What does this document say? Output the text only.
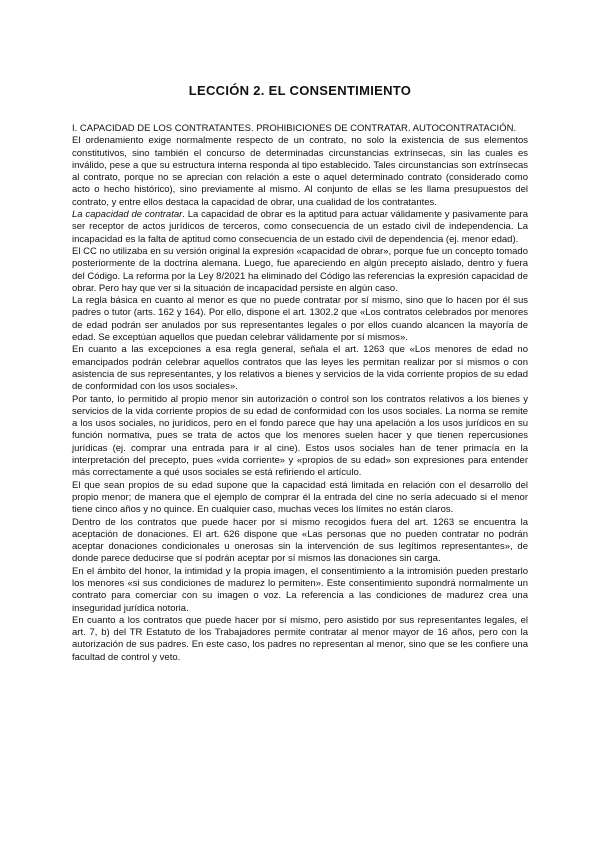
LECCIÓN 2. EL CONSENTIMIENTO

I. CAPACIDAD DE LOS CONTRATANTES. PROHIBICIONES DE CONTRATAR. AUTOCONTRATACIÓN.

El ordenamiento exige normalmente respecto de un contrato, no solo la existencia de sus elementos constitutivos, sino también el concurso de determinadas circunstancias extrínsecas, sin las cuales es inválido, pese a que su estructura interna responda al tipo establecido. Tales circunstancias son extrínsecas al contrato, porque no se aprecian con relación a este o aquel determinado contrato (considerado como acto o hecho histórico), sino previamente al mismo. Al conjunto de ellas se les llama presupuestos del contrato, y entre ellos destaca la capacidad de obrar, una cualidad de los contratantes.

La capacidad de contratar. La capacidad de obrar es la aptitud para actuar válidamente y pasivamente para ser receptor de actos jurídicos de terceros, como consecuencia de un estado civil de independencia. La incapacidad es la falta de aptitud como consecuencia de un estado civil de dependencia (ej. menor edad).

El CC no utilizaba en su versión original la expresión «capacidad de obrar», porque fue un concepto tomado posteriormente de la doctrina alemana. Luego, fue apareciendo en algún precepto aislado, dentro y fuera del Código. La reforma por la Ley 8/2021 ha eliminado del Código las referencias la expresión capacidad de obrar. Pero hay que ver si la situación de incapacidad persiste en algún caso.

La regla básica en cuanto al menor es que no puede contratar por sí mismo, sino que lo hacen por él sus padres o tutor (arts. 162 y 164). Por ello, dispone el art. 1302.2 que «Los contratos celebrados por menores de edad podrán ser anulados por sus representantes legales o por ellos cuando alcancen la mayoría de edad. Se exceptúan aquellos que puedan celebrar válidamente por sí mismos».

En cuanto a las excepciones a esa regla general, señala el art. 1263 que «Los menores de edad no emancipados podrán celebrar aquellos contratos que las leyes les permitan realizar por sí mismos o con asistencia de sus representantes, y los relativos a bienes y servicios de la vida corriente propios de su edad de conformidad con los usos sociales».

Por tanto, lo permitido al propio menor sin autorización o control son los contratos relativos a los bienes y servicios de la vida corriente propios de su edad de conformidad con los usos sociales. La norma se remite a los usos sociales, no jurídicos, pero en el fondo parece que hay una apelación a los usos jurídicos en su función normativa, pues se trata de actos que los menores suelen hacer y que tienen repercusiones jurídicas (ej. comprar una entrada para ir al cine). Estos usos sociales han de tener primacía en la interpretación del precepto, pues «vida corriente» y «propios de su edad» son expresiones para entender más correctamente a qué usos sociales se está refiriendo el artículo.

El que sean propios de su edad supone que la capacidad está limitada en relación con el desarrollo del propio menor; de manera que el ejemplo de comprar él la entrada del cine no sería adecuado si el menor tiene cinco años y no quince. En cualquier caso, muchas veces los límites no están claros.

Dentro de los contratos que puede hacer por sí mismo recogidos fuera del art. 1263 se encuentra la aceptación de donaciones. El art. 626 dispone que «Las personas que no pueden contratar no podrán aceptar donaciones condicionales u onerosas sin la intervención de sus legítimos representantes», de donde parece deducirse que sí podrán aceptar por sí mismos las donaciones sin carga.

En el ámbito del honor, la intimidad y la propia imagen, el consentimiento a la intromisión pueden prestarlo los menores «si sus condiciones de madurez lo permiten». Este consentimiento supondrá normalmente un contrato para comerciar con su imagen o voz. La referencia a las condiciones de madurez crea una inseguridad jurídica notoria.

En cuanto a los contratos que puede hacer por sí mismo, pero asistido por sus representantes legales, el art. 7, b) del TR Estatuto de los Trabajadores permite contratar al menor mayor de 16 años, pero con la autorización de sus padres. En este caso, los padres no representan al menor, sino que se les confiere una facultad de control y veto.
